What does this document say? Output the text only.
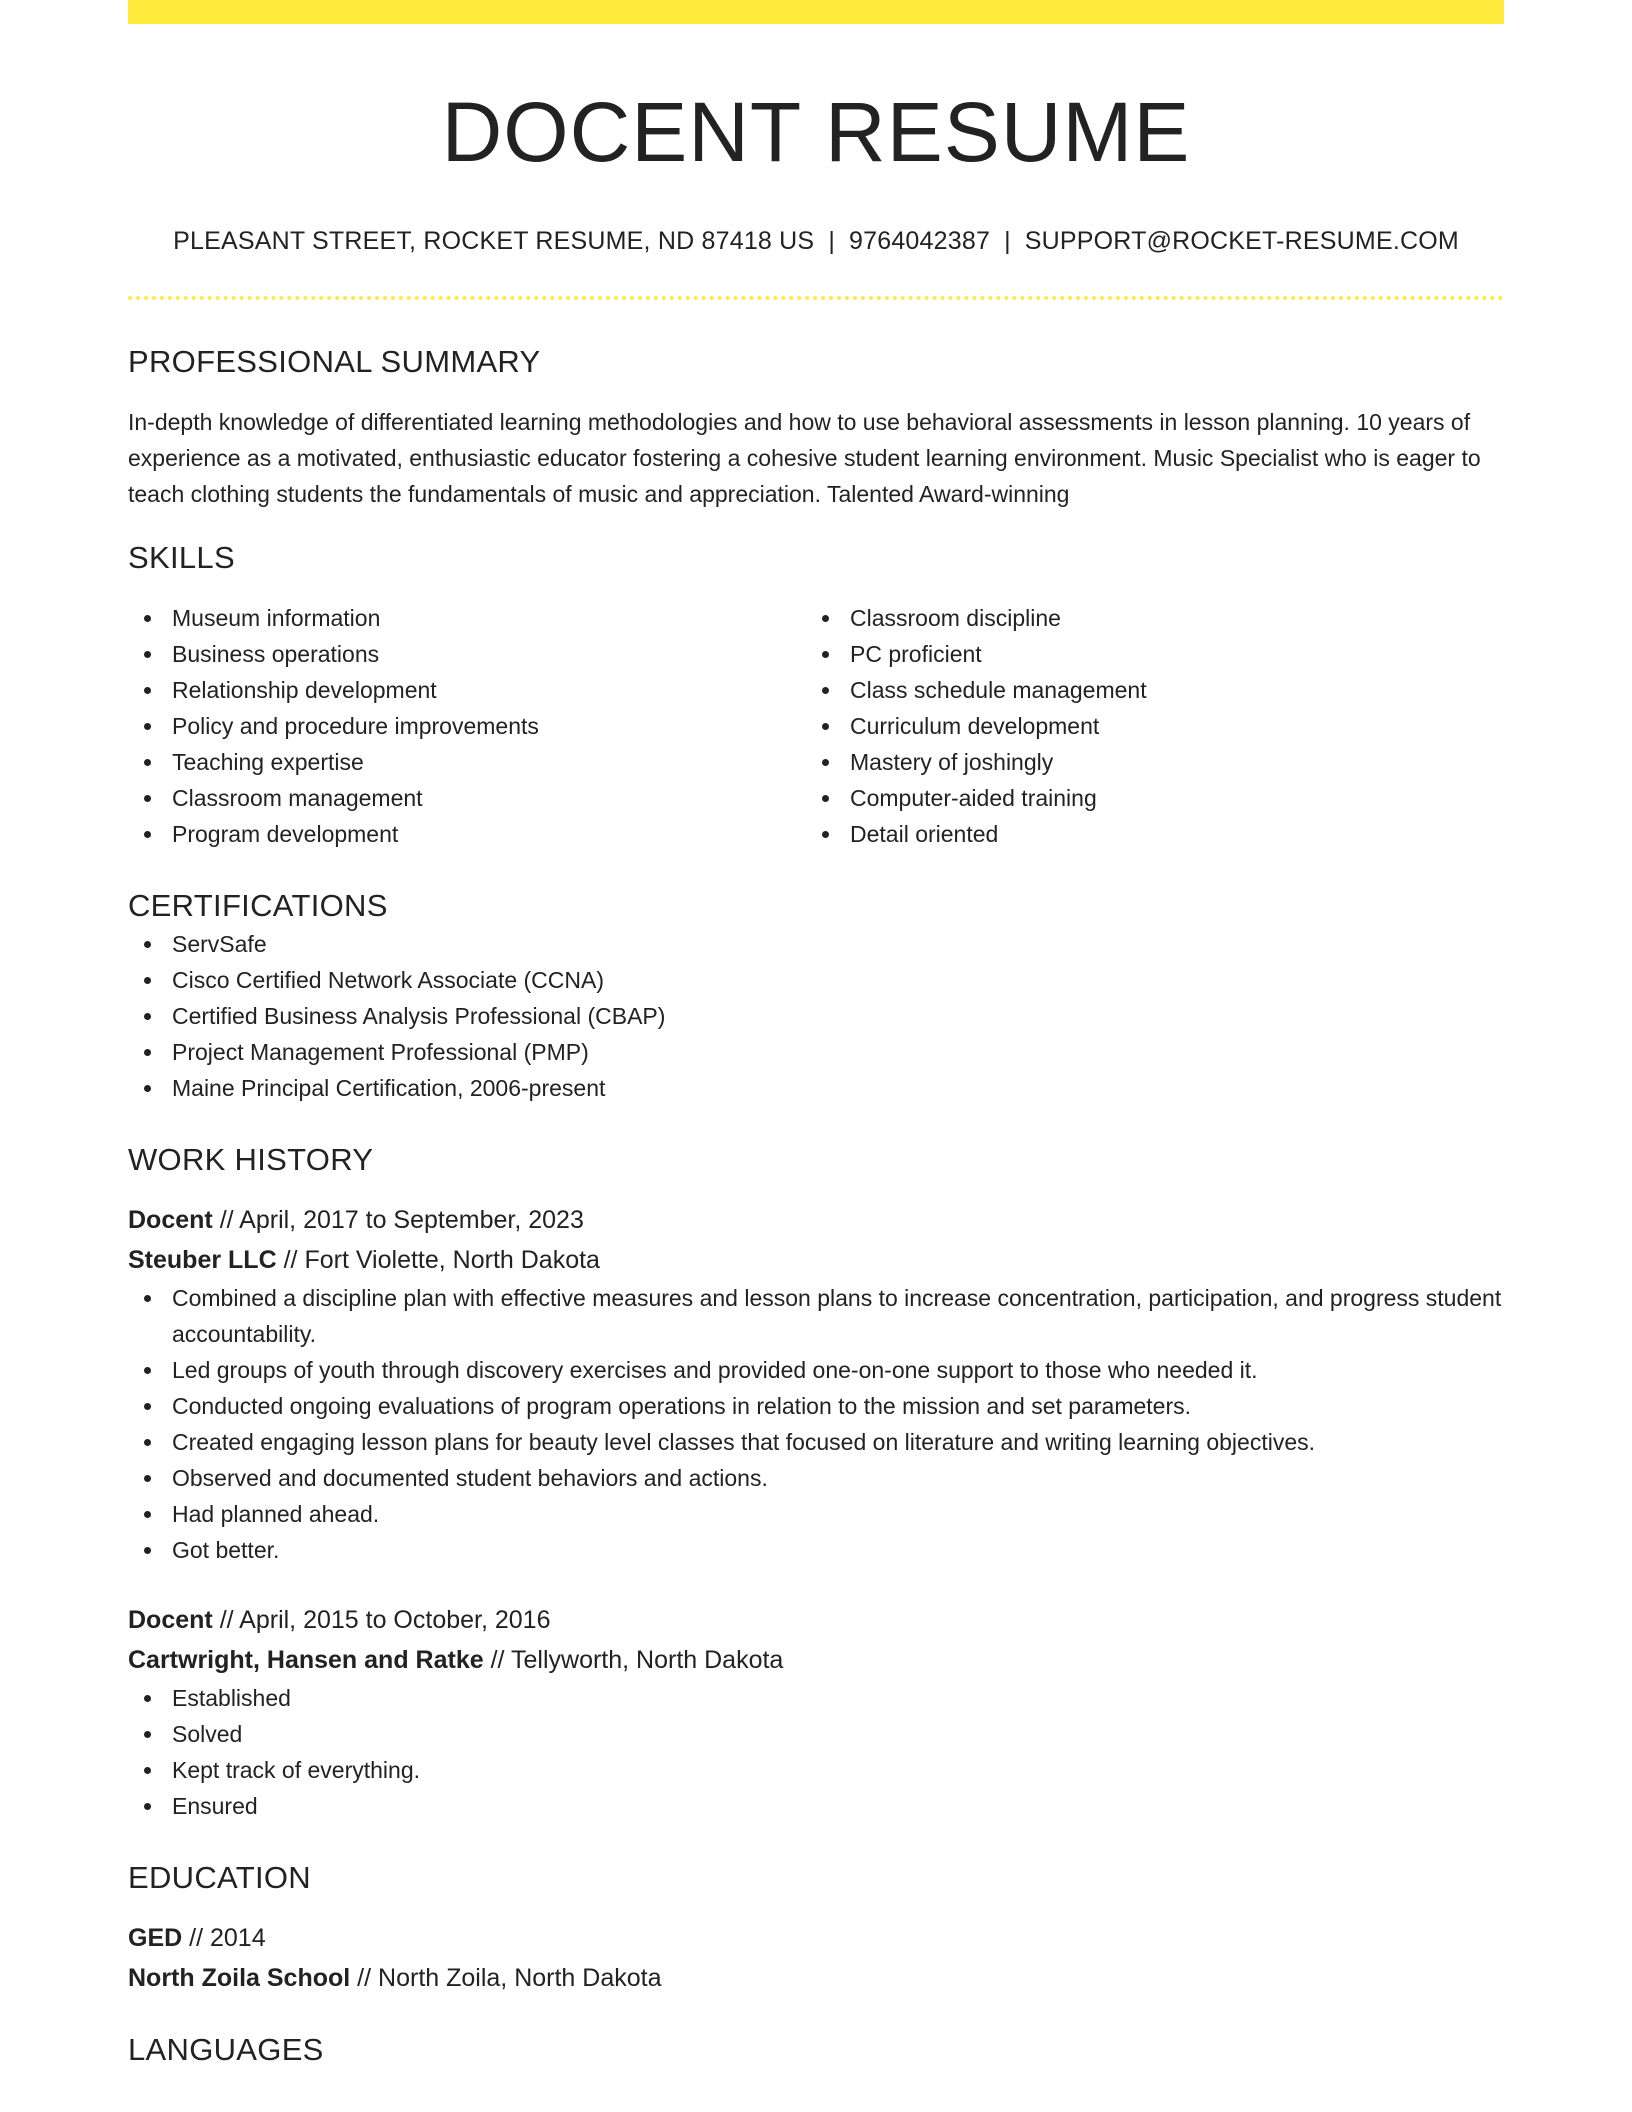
DOCENT RESUME
PLEASANT STREET, ROCKET RESUME, ND 87418 US | 9764042387 | SUPPORT@ROCKET-RESUME.COM
PROFESSIONAL SUMMARY
In-depth knowledge of differentiated learning methodologies and how to use behavioral assessments in lesson planning. 10 years of experience as a motivated, enthusiastic educator fostering a cohesive student learning environment. Music Specialist who is eager to teach clothing students the fundamentals of music and appreciation. Talented Award-winning
SKILLS
Museum information
Business operations
Relationship development
Policy and procedure improvements
Teaching expertise
Classroom management
Program development
Classroom discipline
PC proficient
Class schedule management
Curriculum development
Mastery of joshingly
Computer-aided training
Detail oriented
CERTIFICATIONS
ServSafe
Cisco Certified Network Associate (CCNA)
Certified Business Analysis Professional (CBAP)
Project Management Professional (PMP)
Maine Principal Certification, 2006-present
WORK HISTORY
Docent // April, 2017 to September, 2023
Steuber LLC // Fort Violette, North Dakota
Combined a discipline plan with effective measures and lesson plans to increase concentration, participation, and progress student accountability.
Led groups of youth through discovery exercises and provided one-on-one support to those who needed it.
Conducted ongoing evaluations of program operations in relation to the mission and set parameters.
Created engaging lesson plans for beauty level classes that focused on literature and writing learning objectives.
Observed and documented student behaviors and actions.
Had planned ahead.
Got better.
Docent // April, 2015 to October, 2016
Cartwright, Hansen and Ratke // Tellyworth, North Dakota
Established
Solved
Kept track of everything.
Ensured
EDUCATION
GED // 2014
North Zoila School // North Zoila, North Dakota
LANGUAGES
